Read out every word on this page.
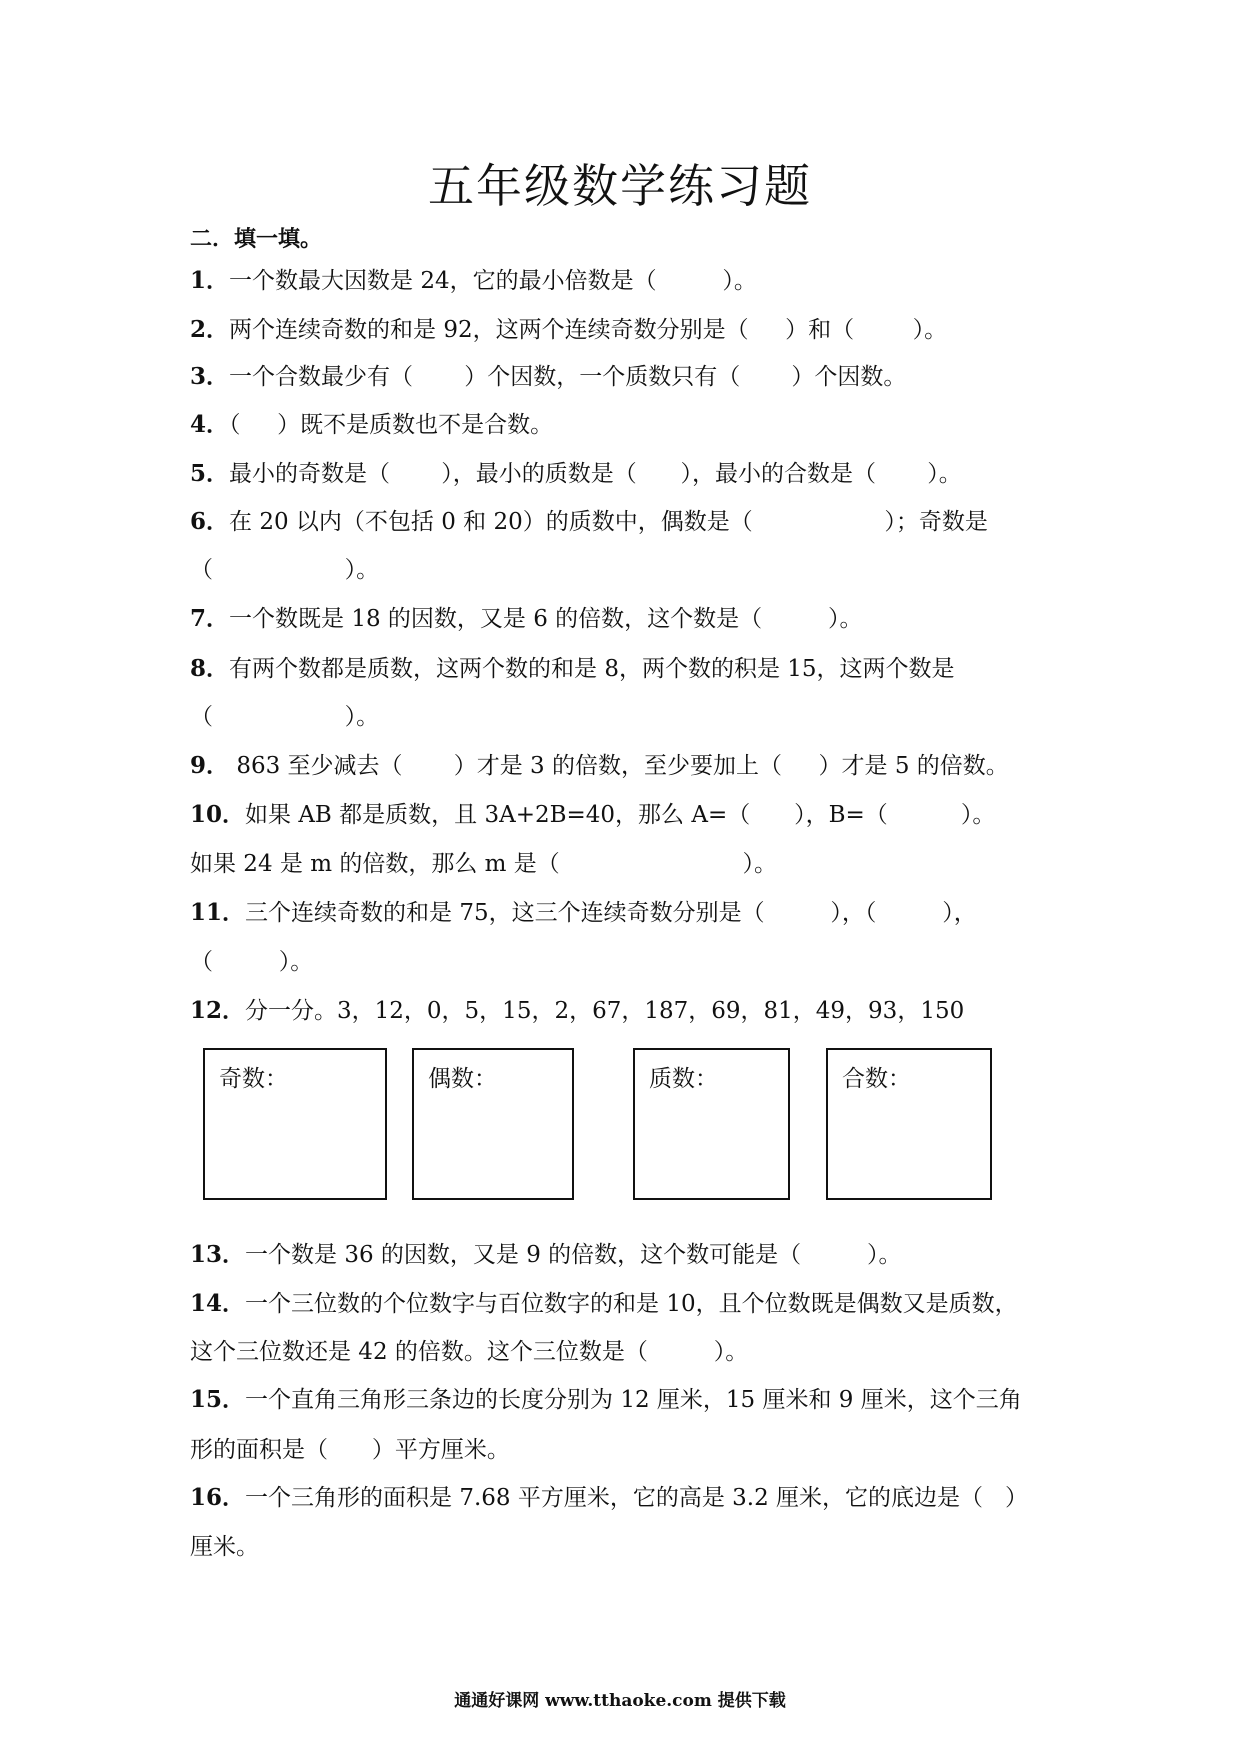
五年级数学练习题
二．填一填。
1．一个数最大因数是 24，它的最小倍数是（         ）。
2．两个连续奇数的和是 92，这两个连续奇数分别是（     ）和（        ）。
3．一个合数最少有（       ）个因数，一个质数只有（       ）个因数。
4．（     ）既不是质数也不是合数。
5．最小的奇数是（       ），最小的质数是（      ），最小的合数是（       ）。
6．在 20 以内（不包括 0 和 20）的质数中，偶数是（                  ）；奇数是
（                  ）。
7．一个数既是 18 的因数，又是 6 的倍数，这个数是（         ）。
8．有两个数都是质数，这两个数的和是 8，两个数的积是 15，这两个数是
（                  ）。
9． 863 至少减去（       ）才是 3 的倍数，至少要加上（     ）才是 5 的倍数。
10．如果 AB 都是质数，且 3A+2B=40，那么 A=（      ），B=（          ）。
如果 24 是 m 的倍数，那么 m 是（                         ）。
11．三个连续奇数的和是 75，这三个连续奇数分别是（         ），（         ），
（         ）。
12．分一分。3，12，0，5，15，2，67，187，69，81，49，93，150
13．一个数是 36 的因数，又是 9 的倍数，这个数可能是（         ）。
14．一个三位数的个位数字与百位数字的和是 10，且个位数既是偶数又是质数，
这个三位数还是 42 的倍数。这个三位数是（         ）。
15．一个直角三角形三条边的长度分别为 12 厘米，15 厘米和 9 厘米，这个三角
形的面积是（      ）平方厘米。
16．一个三角形的面积是 7.68 平方厘米，它的高是 3.2 厘米，它的底边是（   ）
厘米。
奇数：	偶数：	质数：	合数：
通通好课网 www.tthaoke.com 提供下载
